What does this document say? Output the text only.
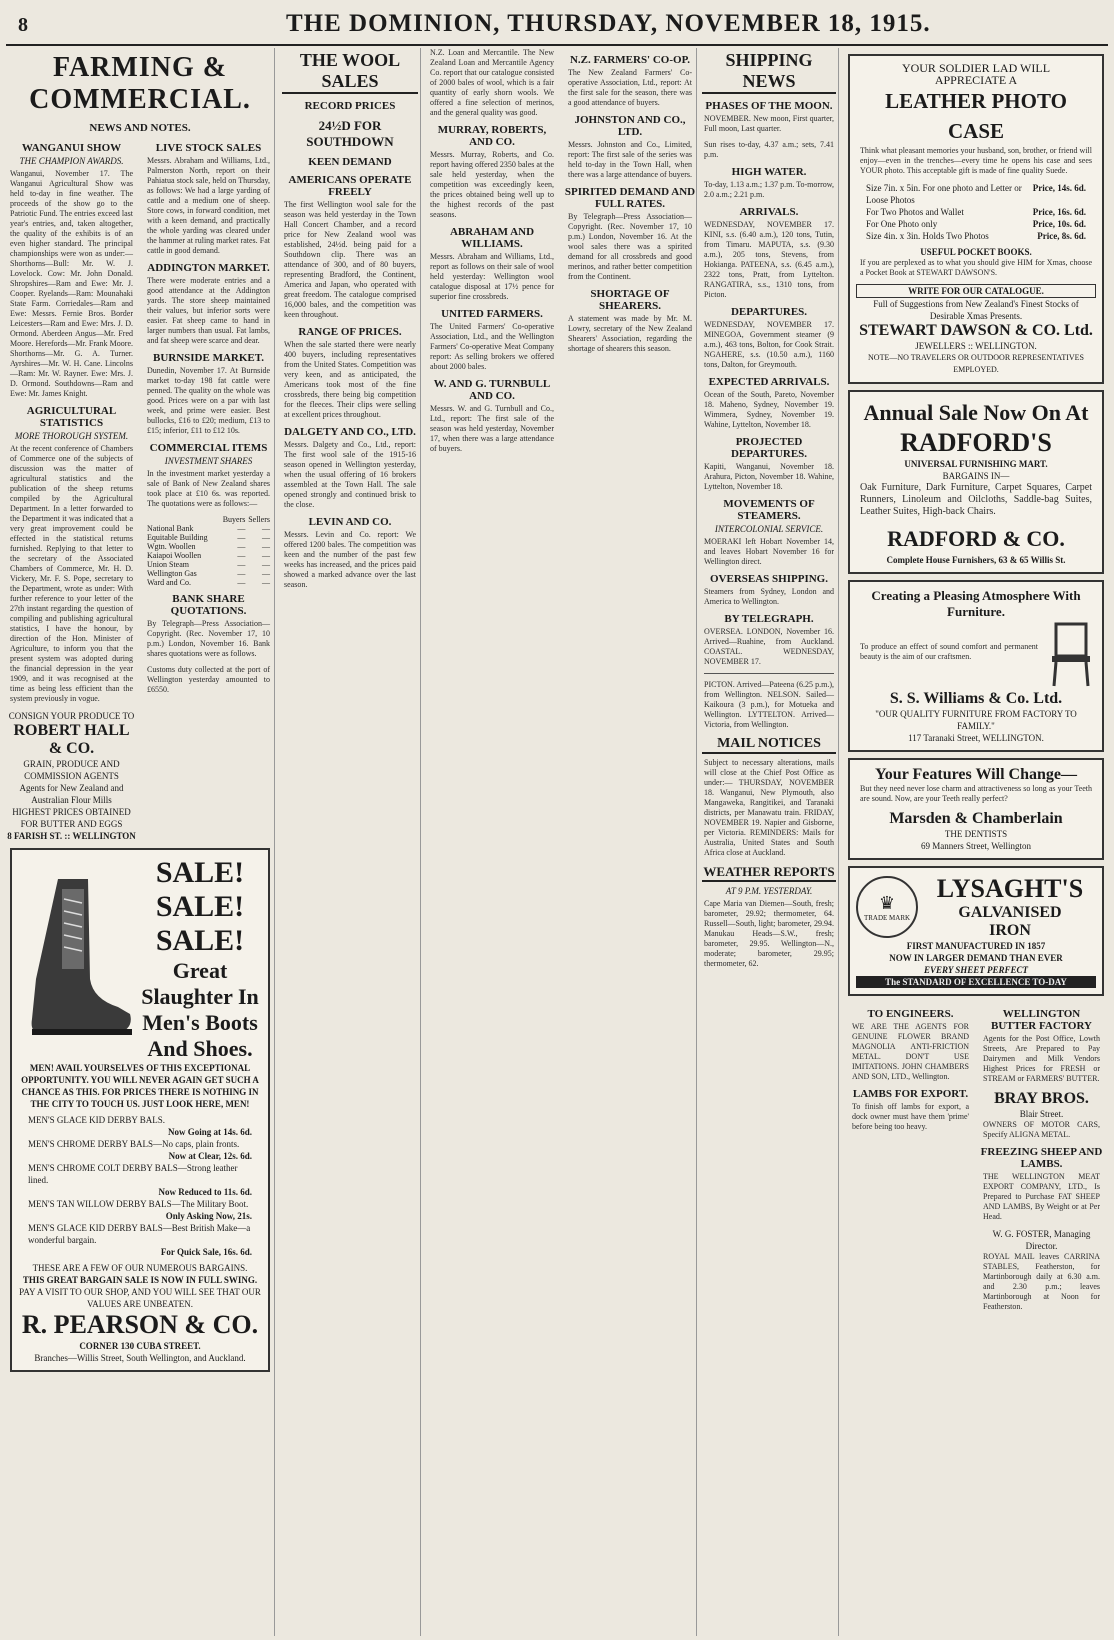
8	THE DOMINION, THURSDAY, NOVEMBER 18, 1915.
FARMING & COMMERCIAL.
NEWS AND NOTES.
WANGANUI SHOW
THE CHAMPION AWARDS.
Wanganui, November 17. The Wanganui Agricultural Show was held to-day in fine weather. The proceeds of the show go to the Patriotic Fund. The entries exceed last year's entries, and, taken altogether, the quality of the exhibits is of an even higher standard. The principal championships were won as under:—Shorthorns—Bull: Mr. W. J. Lovelock. Cow: Mr. John Donald. Shropshires—Ram and Ewe: Mr. J. Cooper. Ryelands—Ram: Mounahaki State Farm. Corriedales—Ram and Ewe: Messrs. Fernie Bros. Border Leicesters—Ram and Ewe: Mrs. J. D. Ormond. Aberdeen Angus—Mr. Fred Moore. Herefords—Mr. Frank Moore. Shorthorns—Mr. G. A. Turner. Ayrshires—Mr. W. H. Cane. Lincolns—Ram: Mr. W. Rayner. Ewe: Mrs. J. D. Ormond. Southdowns—Ram and Ewe: Mr. James Knight.
AGRICULTURAL STATISTICS
MORE THOROUGH SYSTEM.
At the recent conference of Chambers of Commerce one of the subjects of discussion was the matter of agricultural statistics and the publication of the sheep returns compiled by the Agricultural Department. In a letter forwarded to the Department it was indicated that a very great improvement could be effected in the statistical returns furnished. Replying to that letter to the secretary of the Associated Chambers of Commerce, Mr. H. D. Vickery, Mr. F. S. Pope, secretary to the Department, wrote as under: With further reference to your letter of the 27th instant regarding the question of compiling and publishing agricultural statistics, I have the honour, by direction of the Hon. Minister of Agriculture, to inform you that the present system was adopted during the financial depression in the year 1909, and it was recognised at the time as being less efficient than the system previously in vogue.
CONSIGN YOUR PRODUCE TO
ROBERT HALL & CO.
GRAIN, PRODUCE AND COMMISSION AGENTS
Agents for New Zealand and Australian Flour Mills
HIGHEST PRICES OBTAINED FOR BUTTER AND EGGS
8 FARISH ST. :: WELLINGTON
LIVE STOCK SALES
Messrs. Abraham and Williams, Ltd., Palmerston North, report on their Pahiatua stock sale, held on Thursday, as follows: We had a large yarding of cattle and a medium one of sheep. Store cows, in forward condition, met with a keen demand, and practically the whole yarding was cleared under the hammer at ruling market rates. Fat cattle in good demand.
ADDINGTON MARKET.
There were moderate entries and a good attendance at the Addington yards. The store sheep maintained their values, but inferior sorts were easier. Fat sheep came to hand in larger numbers than usual. Fat lambs, and fat sheep were scarce and dear.
BURNSIDE MARKET.
Dunedin, November 17. At Burnside market to-day 198 fat cattle were penned. The quality on the whole was good. Prices were on a par with last week, and prime were easier. Best bullocks, £16 to £20; medium, £13 to £15; inferior, £11 to £12 10s.
COMMERCIAL ITEMS
INVESTMENT SHARES
In the investment market yesterday a sale of Bank of New Zealand shares took place at £10 6s. was reported. The quotations were as follows:—
Buyers Sellers
National Bank	—	—
Equitable Building	—	—
Wgtn. Woollen	—	—
Kaiapoi Woollen	—	—
Union Steam	—	—
Wellington Gas	—	—
Ward and Co.	—	—
BANK SHARE QUOTATIONS.
By Telegraph—Press Association—Copyright. (Rec. November 17, 10 p.m.) London, November 16. Bank shares quotations were as follows.
Customs duty collected at the port of Wellington yesterday amounted to £6550.
SALE! SALE! SALE!
Great Slaughter In Men's Boots And Shoes.
MEN! AVAIL YOURSELVES OF THIS EXCEPTIONAL OPPORTUNITY. YOU WILL NEVER AGAIN GET SUCH A CHANCE AS THIS. FOR PRICES THERE IS NOTHING IN THE CITY TO TOUCH US. JUST LOOK HERE, MEN!
MEN'S GLACE KID DERBY BALS.
Now Going at 14s. 6d.
MEN'S CHROME DERBY BALS—No caps, plain fronts.
Now at Clear, 12s. 6d.
MEN'S CHROME COLT DERBY BALS—Strong leather lined.
Now Reduced to 11s. 6d.
MEN'S TAN WILLOW DERBY BALS—The Military Boot.
Only Asking Now, 21s.
MEN'S GLACE KID DERBY BALS—Best British Make—a wonderful bargain.
For Quick Sale, 16s. 6d.
THESE ARE A FEW OF OUR NUMEROUS BARGAINS.
THIS GREAT BARGAIN SALE IS NOW IN FULL SWING.
PAY A VISIT TO OUR SHOP, AND YOU WILL SEE THAT OUR VALUES ARE UNBEATEN.
R. PEARSON & CO.
CORNER 130 CUBA STREET.
Branches—Willis Street, South Wellington, and Auckland.
THE WOOL SALES
RECORD PRICES
24½D FOR SOUTHDOWN
KEEN DEMAND
AMERICANS OPERATE FREELY
The first Wellington wool sale for the season was held yesterday in the Town Hall Concert Chamber, and a record price for New Zealand wool was established, 24½d. being paid for a Southdown clip. There was an attendance of 300, and of 80 buyers, representing Bradford, the Continent, America and Japan, who operated with great freedom. The catalogue comprised 16,000 bales, and the competition was keen throughout.
RANGE OF PRICES.
When the sale started there were nearly 400 buyers, including representatives from the United States. Competition was very keen, and as anticipated, the Americans took most of the fine crossbreds, there being big competition for the fleeces. Their clips were selling at excellent prices throughout.
DALGETY AND CO., LTD.
Messrs. Dalgety and Co., Ltd., report: The first wool sale of the 1915-16 season opened in Wellington yesterday, when the usual offering of 16 brokers assembled at the Town Hall. The sale opened strongly and continued brisk to the close.
LEVIN AND CO.
Messrs. Levin and Co. report: We offered 1200 bales. The competition was keen and the number of the past few weeks has increased, and the prices paid showed a marked advance over the last season.
N.Z. Loan and Mercantile. The New Zealand Loan and Mercantile Agency Co. report that our catalogue consisted of 2000 bales of wool, which is a fair quantity of early shorn wools. We offered a fine selection of merinos, and the general quality was good.
MURRAY, ROBERTS, AND CO.
Messrs. Murray, Roberts, and Co. report having offered 2350 bales at the sale held yesterday, when the competition was exceedingly keen, the prices obtained being well up to the highest records of the past seasons.
ABRAHAM AND WILLIAMS.
Messrs. Abraham and Williams, Ltd., report as follows on their sale of wool held yesterday: Wellington wool catalogue disposal at 17½ pence for superior fine crossbreds.
UNITED FARMERS.
The United Farmers' Co-operative Association, Ltd., and the Wellington Farmers' Co-operative Meat Company report: As selling brokers we offered about 2000 bales.
W. AND G. TURNBULL AND CO.
Messrs. W. and G. Turnbull and Co., Ltd., report: The first sale of the season was held yesterday, November 17, when there was a large attendance of buyers.
N.Z. FARMERS' CO-OP.
The New Zealand Farmers' Co-operative Association, Ltd., report: At the first sale for the season, there was a good attendance of buyers.
JOHNSTON AND CO., LTD.
Messrs. Johnston and Co., Limited, report: The first sale of the series was held to-day in the Town Hall, when there was a large attendance of buyers.
SPIRITED DEMAND AND FULL RATES.
By Telegraph—Press Association—Copyright. (Rec. November 17, 10 p.m.) London, November 16. At the wool sales there was a spirited demand for all crossbreds and good merinos, and rather better competition from the Continent.
SHORTAGE OF SHEARERS.
A statement was made by Mr. M. Lowry, secretary of the New Zealand Shearers' Association, regarding the shortage of shearers this season.
SHIPPING NEWS
PHASES OF THE MOON.
NOVEMBER. New moon, First quarter, Full moon, Last quarter.
Sun rises to-day, 4.37 a.m.; sets, 7.41 p.m.
HIGH WATER.
To-day, 1.13 a.m.; 1.37 p.m. To-morrow, 2.0 a.m.; 2.21 p.m.
ARRIVALS.
WEDNESDAY, NOVEMBER 17. KINI, s.s. (6.40 a.m.), 120 tons, Tutin, from Timaru. MAPUTA, s.s. (9.30 a.m.), 205 tons, Stevens, from Hokianga. PATEENA, s.s. (6.45 a.m.), 2322 tons, Pratt, from Lyttelton. RANGATIRA, s.s., 1310 tons, from Picton.
DEPARTURES.
WEDNESDAY, NOVEMBER 17. MINEGOA, Government steamer (9 a.m.), 463 tons, Bolton, for Cook Strait. NGAHERE, s.s. (10.50 a.m.), 1160 tons, Dalton, for Greymouth.
EXPECTED ARRIVALS.
Ocean of the South, Pareto, November 18. Maheno, Sydney, November 19. Wimmera, Sydney, November 19. Wahine, Lyttelton, November 18.
PROJECTED DEPARTURES.
Kapiti, Wanganui, November 18. Arahura, Picton, November 18. Wahine, Lyttelton, November 18.
MOVEMENTS OF STEAMERS.
INTERCOLONIAL SERVICE.
MOERAKI left Hobart November 14, and leaves Hobart November 16 for Wellington direct.
OVERSEAS SHIPPING.
Steamers from Sydney, London and America to Wellington.
BY TELEGRAPH.
OVERSEA. LONDON, November 16. Arrived—Ruahine, from Auckland. COASTAL. WEDNESDAY, NOVEMBER 17.
PICTON. Arrived—Pateena (6.25 p.m.), from Wellington. NELSON. Sailed—Kaikoura (3 p.m.), for Motueka and Wellington. LYTTELTON. Arrived—Victoria, from Wellington.
MAIL NOTICES
Subject to necessary alterations, mails will close at the Chief Post Office as under:— THURSDAY, NOVEMBER 18. Wanganui, New Plymouth, also Mangaweka, Rangitikei, and Taranaki districts, per Manawatu train. FRIDAY, NOVEMBER 19. Napier and Gisborne, per Victoria. REMINDERS: Mails for Australia, United States and South Africa close at Auckland.
WEATHER REPORTS
AT 9 P.M. YESTERDAY.
Cape Maria van Diemen—South, fresh; barometer, 29.92; thermometer, 64. Russell—South, light; barometer, 29.94. Manukau Heads—S.W., fresh; barometer, 29.95. Wellington—N., moderate; barometer, 29.95; thermometer, 62.
YOUR SOLDIER LAD WILL
APPRECIATE A
LEATHER PHOTO CASE
Think what pleasant memories your husband, son, brother, or friend will enjoy—even in the trenches—every time he opens his case and sees YOUR photo. This acceptable gift is made of fine quality Suede.
Size 7in. x 5in. For one photo and Letter or Loose Photos
Price, 14s. 6d.
For Two Photos and Wallet	Price, 16s. 6d.
For One Photo only	Price, 10s. 6d.
Size 4in. x 3in. Holds Two Photos	Price, 8s. 6d.
USEFUL POCKET BOOKS.
If you are perplexed as to what you should give HIM for Xmas, choose a Pocket Book at STEWART DAWSON'S.
WRITE FOR OUR CATALOGUE.
Full of Suggestions from New Zealand's Finest Stocks of Desirable Xmas Presents.
STEWART DAWSON & CO. Ltd.
JEWELLERS :: WELLINGTON.
NOTE—NO TRAVELERS OR OUTDOOR REPRESENTATIVES EMPLOYED.
Annual Sale Now On At
RADFORD'S
UNIVERSAL FURNISHING MART.
BARGAINS IN—
Oak Furniture, Dark Furniture, Carpet Squares, Carpet Runners, Linoleum and Oilcloths, Saddle-bag Suites, Leather Suites, High-back Chairs.
RADFORD & CO.
Complete House Furnishers, 63 & 65 Willis St.
Creating a Pleasing Atmosphere With Furniture.
To produce an effect of sound comfort and permanent beauty is the aim of our craftsmen.
S. S. Williams & Co. Ltd.
"OUR QUALITY FURNITURE FROM FACTORY TO FAMILY."
117 Taranaki Street, WELLINGTON.
Your Features Will Change—
But they need never lose charm and attractiveness so long as your Teeth are sound. Now, are your Teeth really perfect?
Marsden & Chamberlain
THE DENTISTS
69 Manners Street, Wellington
♛
TRADE MARK
LYSAGHT'S
GALVANISED
IRON
FIRST MANUFACTURED IN 1857
NOW IN LARGER DEMAND THAN EVER
EVERY SHEET PERFECT
The STANDARD OF EXCELLENCE TO-DAY
TO ENGINEERS.
WE ARE THE AGENTS FOR GENUINE FLOWER BRAND MAGNOLIA ANTI-FRICTION METAL. DON'T USE IMITATIONS. JOHN CHAMBERS AND SON, LTD., Wellington.
LAMBS FOR EXPORT.
To finish off lambs for export, a dock owner must have them 'prime' before being too heavy.
WELLINGTON BUTTER FACTORY
Agents for the Post Office, Lowth Streets, Are Prepared to Pay Dairymen and Milk Vendors Highest Prices for FRESH or STREAM or FARMERS' BUTTER.
BRAY BROS.
Blair Street.
OWNERS OF MOTOR CARS, Specify ALIGNA METAL.
FREEZING SHEEP AND LAMBS.
THE WELLINGTON MEAT EXPORT COMPANY, LTD., Is Prepared to Purchase FAT SHEEP AND LAMBS, By Weight or at Per Head.
W. G. FOSTER, Managing Director.
ROYAL MAIL leaves CARRINA STABLES, Featherston, for Martinborough daily at 6.30 a.m. and 2.30 p.m.; leaves Martinborough at Noon for Featherston.
